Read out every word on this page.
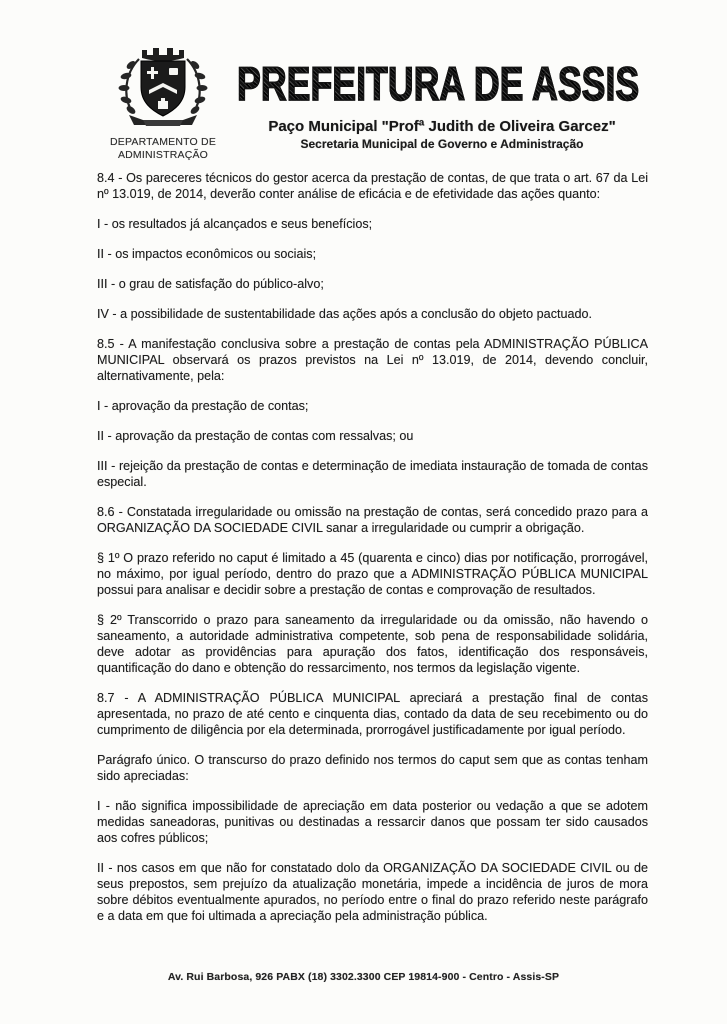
DEPARTAMENTO DE
ADMINISTRAÇÃO
PREFEITURA DE ASSIS
Paço Municipal "Profª Judith de Oliveira Garcez"
Secretaria Municipal de Governo e Administração

8.4 - Os pareceres técnicos do gestor acerca da prestação de contas, de que trata o art. 67 da Lei nº 13.019, de 2014, deverão conter análise de eficácia e de efetividade das ações quanto:

I - os resultados já alcançados e seus benefícios;

II - os impactos econômicos ou sociais;

III - o grau de satisfação do público-alvo;

IV - a possibilidade de sustentabilidade das ações após a conclusão do objeto pactuado.

8.5 - A manifestação conclusiva sobre a prestação de contas pela ADMINISTRAÇÃO PÚBLICA MUNICIPAL observará os prazos previstos na Lei nº 13.019, de 2014, devendo concluir, alternativamente, pela:

I - aprovação da prestação de contas;

II - aprovação da prestação de contas com ressalvas; ou

III - rejeição da prestação de contas e determinação de imediata instauração de tomada de contas especial.

8.6 - Constatada irregularidade ou omissão na prestação de contas, será concedido prazo para a ORGANIZAÇÃO DA SOCIEDADE CIVIL sanar a irregularidade ou cumprir a obrigação.

§ 1º O prazo referido no caput é limitado a 45 (quarenta e cinco) dias por notificação, prorrogável, no máximo, por igual período, dentro do prazo que a ADMINISTRAÇÃO PÚBLICA MUNICIPAL possui para analisar e decidir sobre a prestação de contas e comprovação de resultados.

§ 2º Transcorrido o prazo para saneamento da irregularidade ou da omissão, não havendo o saneamento, a autoridade administrativa competente, sob pena de responsabilidade solidária, deve adotar as providências para apuração dos fatos, identificação dos responsáveis, quantificação do dano e obtenção do ressarcimento, nos termos da legislação vigente.

8.7 - A ADMINISTRAÇÃO PÚBLICA MUNICIPAL apreciará a prestação final de contas apresentada, no prazo de até cento e cinquenta dias, contado da data de seu recebimento ou do cumprimento de diligência por ela determinada, prorrogável justificadamente por igual período.

Parágrafo único. O transcurso do prazo definido nos termos do caput sem que as contas tenham sido apreciadas:

I - não significa impossibilidade de apreciação em data posterior ou vedação a que se adotem medidas saneadoras, punitivas ou destinadas a ressarcir danos que possam ter sido causados aos cofres públicos;

II - nos casos em que não for constatado dolo da ORGANIZAÇÃO DA SOCIEDADE CIVIL ou de seus prepostos, sem prejuízo da atualização monetária, impede a incidência de juros de mora sobre débitos eventualmente apurados, no período entre o final do prazo referido neste parágrafo e a data em que foi ultimada a apreciação pela administração pública.

Av. Rui Barbosa, 926 PABX (18) 3302.3300 CEP 19814-900 - Centro - Assis-SP
